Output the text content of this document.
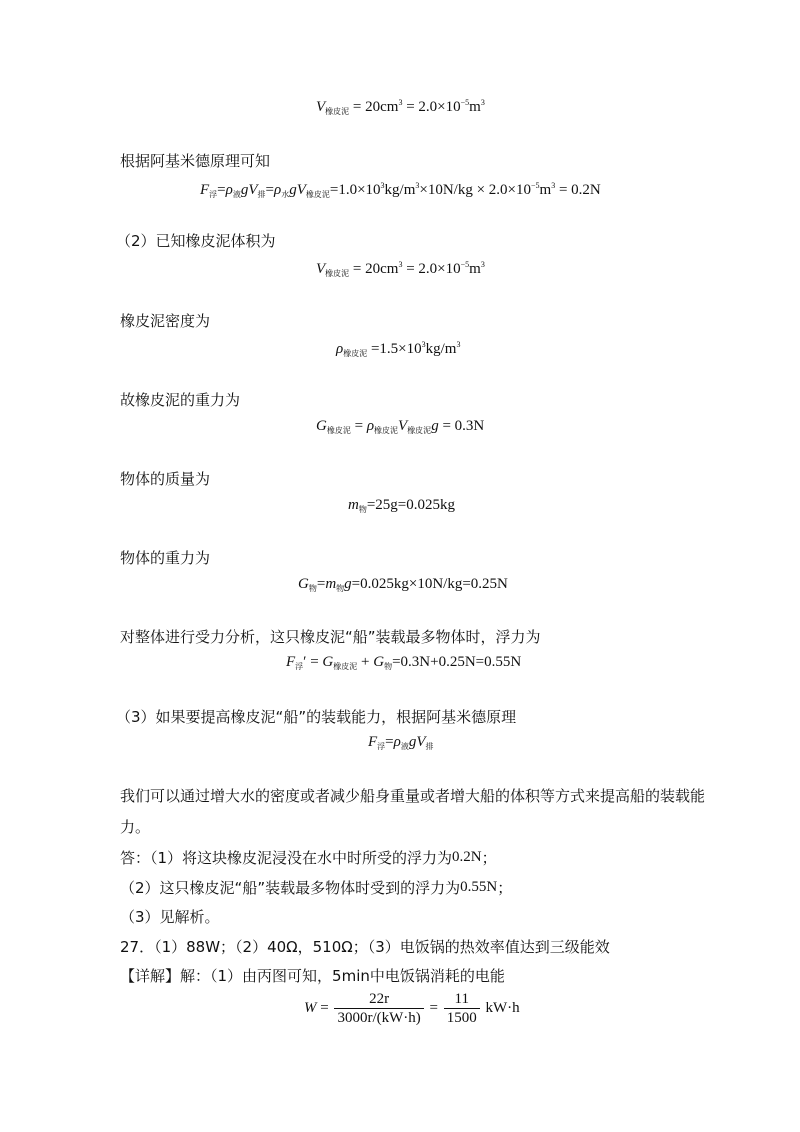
$V_{橡皮泥} = 20cm^3 = 2.0\times 10^{-5}m^3$
根据阿基米德原理可知
$F_浮=\rho_液gV_排=\rho_水gV_{橡皮泥}=1.0\times 10^3kg/m^3\times 10N/kg \times 2.0\times 10^{-5}m^3 = 0.2N$
（2）已知橡皮泥体积为
$V_{橡皮泥} = 20cm^3 = 2.0\times 10^{-5}m^3$
橡皮泥密度为
$\rho_{橡皮泥} =1.5\times 10^3kg/m^3$
故橡皮泥的重力为
$G_{橡皮泥} = \rho_{橡皮泥}V_{橡皮泥}g = 0.3N$
物体的质量为
$m_物=25g=0.025kg$
物体的重力为
$G_物=m_物g=0.025kg\times 10N/kg=0.25N$
对整体进行受力分析，这只橡皮泥“船”装载最多物体时，浮力为
$F_浮' = G_{橡皮泥} + G_物=0.3N+0.25N=0.55N$
（3）如果要提高橡皮泥“船”的装载能力，根据阿基米德原理
$F_浮=\rho_液gV_排$
我们可以通过增大水的密度或者减少船身重量或者增大船的体积等方式来提高船的装载能
力。
答：（1）将这块橡皮泥浸没在水中时所受的浮力为0.2N；
（2）这只橡皮泥“船”装载最多物体时受到的浮力为0.55N；
（3）见解析。
27．（1）88W；（2）40Ω，510Ω；（3）电饭锅的热效率值达到三级能效
【详解】解：（1）由丙图可知，5min中电饭锅消耗的电能
$W = \frac{22r}{3000r/(kW\cdot h)} = \frac{11}{1500} kW\cdot h$
